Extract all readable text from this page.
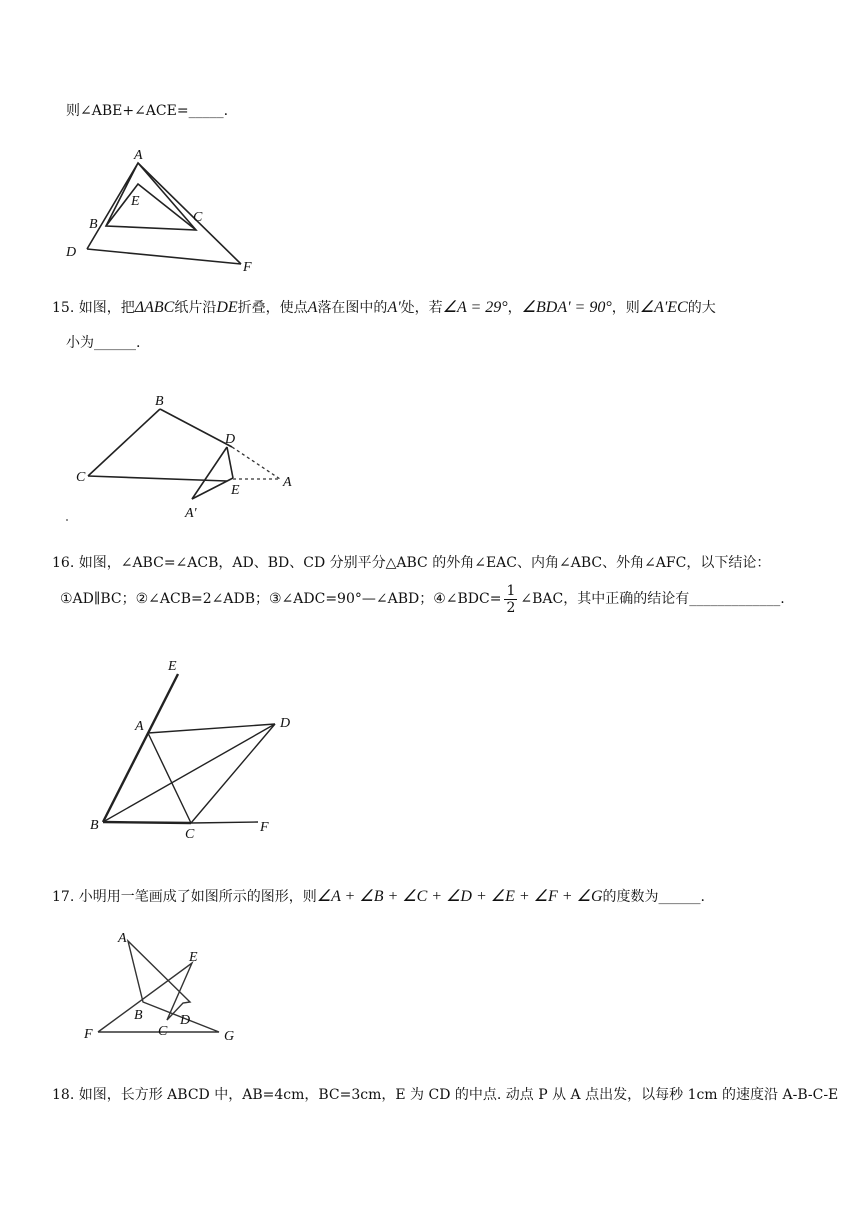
则∠ABE+∠ACE=_____.
A
E
B	C
D
F
15. 如图，把ΔABC纸片沿DE折叠，使点A落在图中的A'处，若∠A = 29°，∠BDA' = 90°，则∠A'EC的大
小为______.
B
D
C
E
A
A'
16. 如图，∠ABC=∠ACB，AD、BD、CD 分别平分△ABC 的外角∠EAC、内角∠ABC、外角∠AFC，以下结论：
①AD∥BC；②∠ACB=2∠ADB；③∠ADC=90°—∠ABD；④∠BDC= $\frac{1}{2}$ ∠BAC，其中正确的结论有_____________.
E
A	D
B
C	F
17. 小明用一笔画成了如图所示的图形，则∠A + ∠B + ∠C + ∠D + ∠E + ∠F + ∠G的度数为______.
A
E
B
C
D
F	G
18. 如图，长方形 ABCD 中，AB=4cm，BC=3cm，E 为 CD 的中点. 动点 P 从 A 点出发，以每秒 1cm 的速度沿 A-B-C-E
